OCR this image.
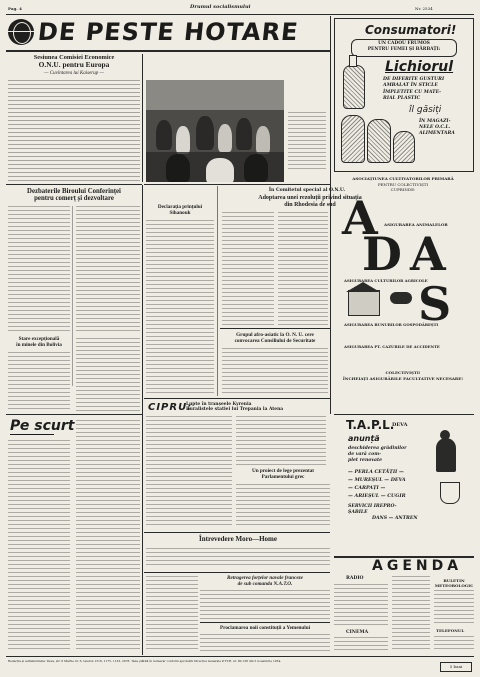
Pag. 4	Drumul socialismului	Nr. 2534
DE PESTE HOTARE
Sesiunea Comisiei Economice
O.N.U. pentru Europa
— Cuvîntarea lui Kaiserup —
Dezbaterile Biroului Conferinței
pentru comerț și dezvoltare
Stare excepțională
în minele din Bolivia
Pe scurt
Declarația prințului
Sihanouk
În Comitetul special al O.N.U.
Adoptarea unei rezoluții privind situația
din Rhodesia de sud
Grupul afro-asiatic la O. N. U. cere
convocarea Consiliului de Securitate
CIPRU:
Lupte în tranșeele Kyrenia
Ruralistele statiei lui Trepania la Atena
Un proiect de lege prezentat
Parlamentului grec
Întrevedere Moro—Home
Retragerea forțelor navale franceze
de sub comanda N.A.T.O.
Proclamarea noii constituții a Yemenului
Consumatori!
UN CADOU FRUMOS
PENTRU FEMEI ȘI BĂRBAȚI:
Lichiorul
DE DIFERITE GUSTURI
AMBALAT ÎN STICLE
ÎMPLETITE CU MATE-
RIAL PLASTIC
îl găsiți
ÎN MAGAZI-
NELE O.C.L.
ALIMENTARA
ASOCIAȚIUNEA CULTIVATORILOR PRIMARĂ
PENTRU COLECTIVIȘTI
CUPRINDE:
A ASIGURAREA ANIMALELOR
D A
ASIGURAREA CULTURILOR AGRICOLE
ASIGURAREA BUNURILOR GOSPODĂREȘTI
S
ASIGURAREA PT. CAZURILE DE ACCIDENTE
COLECTIVIȘTI!
ÎNCHEIAȚI ASIGURĂRILE FACULTATIVE NECESARE!
T.A.P.L.
DEVA
anunță
deschiderea grădinilor
de vară com-
plet renovate
— PERLA CETĂȚII —
— MUREȘUL — DEVA
— CARPAȚI —
— ARIEȘUL — CUGIR
SERVICII IREPRO-
ȘABILE
DANS — ANTREN
AGENDA
RADIO
CINEMA
BULETIN
METEOROLOGIC
TELEFONUL
Redacția și administrația: Deva, str. 6 Martie nr. 6, telefon 1316, 1175, 1133, 2678. Taxa plătită în numerar conform aprobării Direcției Generale P.T.T.R. nr. 80.138 din 5 noiembrie 1954.
5 bani
